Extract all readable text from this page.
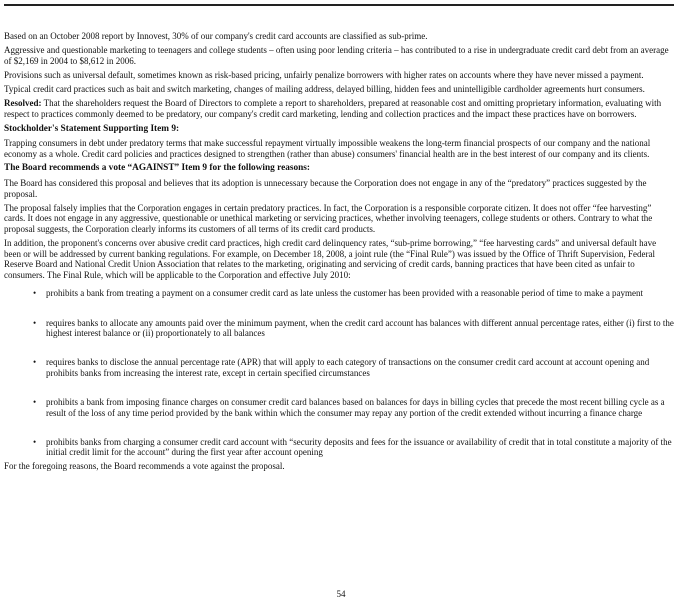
Based on an October 2008 report by Innovest, 30% of our company's credit card accounts are classified as sub-prime.

Aggressive and questionable marketing to teenagers and college students – often using poor lending criteria – has contributed to a rise in undergraduate credit card debt from an average of $2,169 in 2004 to $8,612 in 2006.

Provisions such as universal default, sometimes known as risk-based pricing, unfairly penalize borrowers with higher rates on accounts where they have never missed a payment.

Typical credit card practices such as bait and switch marketing, changes of mailing address, delayed billing, hidden fees and unintelligible cardholder agreements hurt consumers.

Resolved: That the shareholders request the Board of Directors to complete a report to shareholders, prepared at reasonable cost and omitting proprietary information, evaluating with respect to practices commonly deemed to be predatory, our company's credit card marketing, lending and collection practices and the impact these practices have on borrowers.

Stockholder's Statement Supporting Item 9:

Trapping consumers in debt under predatory terms that make successful repayment virtually impossible weakens the long-term financial prospects of our company and the national economy as a whole. Credit card policies and practices designed to strengthen (rather than abuse) consumers' financial health are in the best interest of our company and its clients.

The Board recommends a vote “AGAINST” Item 9 for the following reasons:

The Board has considered this proposal and believes that its adoption is unnecessary because the Corporation does not engage in any of the “predatory” practices suggested by the proposal.

The proposal falsely implies that the Corporation engages in certain predatory practices. In fact, the Corporation is a responsible corporate citizen. It does not offer “fee harvesting” cards. It does not engage in any aggressive, questionable or unethical marketing or servicing practices, whether involving teenagers, college students or others. Contrary to what the proposal suggests, the Corporation clearly informs its customers of all terms of its credit card products.

In addition, the proponent's concerns over abusive credit card practices, high credit card delinquency rates, “sub-prime borrowing,” “fee harvesting cards” and universal default have been or will be addressed by current banking regulations. For example, on December 18, 2008, a joint rule (the “Final Rule”) was issued by the Office of Thrift Supervision, Federal Reserve Board and National Credit Union Association that relates to the marketing, originating and servicing of credit cards, banning practices that have been cited as unfair to consumers. The Final Rule, which will be applicable to the Corporation and effective July 2010:

• prohibits a bank from treating a payment on a consumer credit card as late unless the customer has been provided with a reasonable period of time to make a payment
• requires banks to allocate any amounts paid over the minimum payment, when the credit card account has balances with different annual percentage rates, either (i) first to the highest interest balance or (ii) proportionately to all balances
• requires banks to disclose the annual percentage rate (APR) that will apply to each category of transactions on the consumer credit card account at account opening and prohibits banks from increasing the interest rate, except in certain specified circumstances
• prohibits a bank from imposing finance charges on consumer credit card balances based on balances for days in billing cycles that precede the most recent billing cycle as a result of the loss of any time period provided by the bank within which the consumer may repay any portion of the credit extended without incurring a finance charge
• prohibits banks from charging a consumer credit card account with “security deposits and fees for the issuance or availability of credit that in total constitute a majority of the initial credit limit for the account” during the first year after account opening

For the foregoing reasons, the Board recommends a vote against the proposal.

54
